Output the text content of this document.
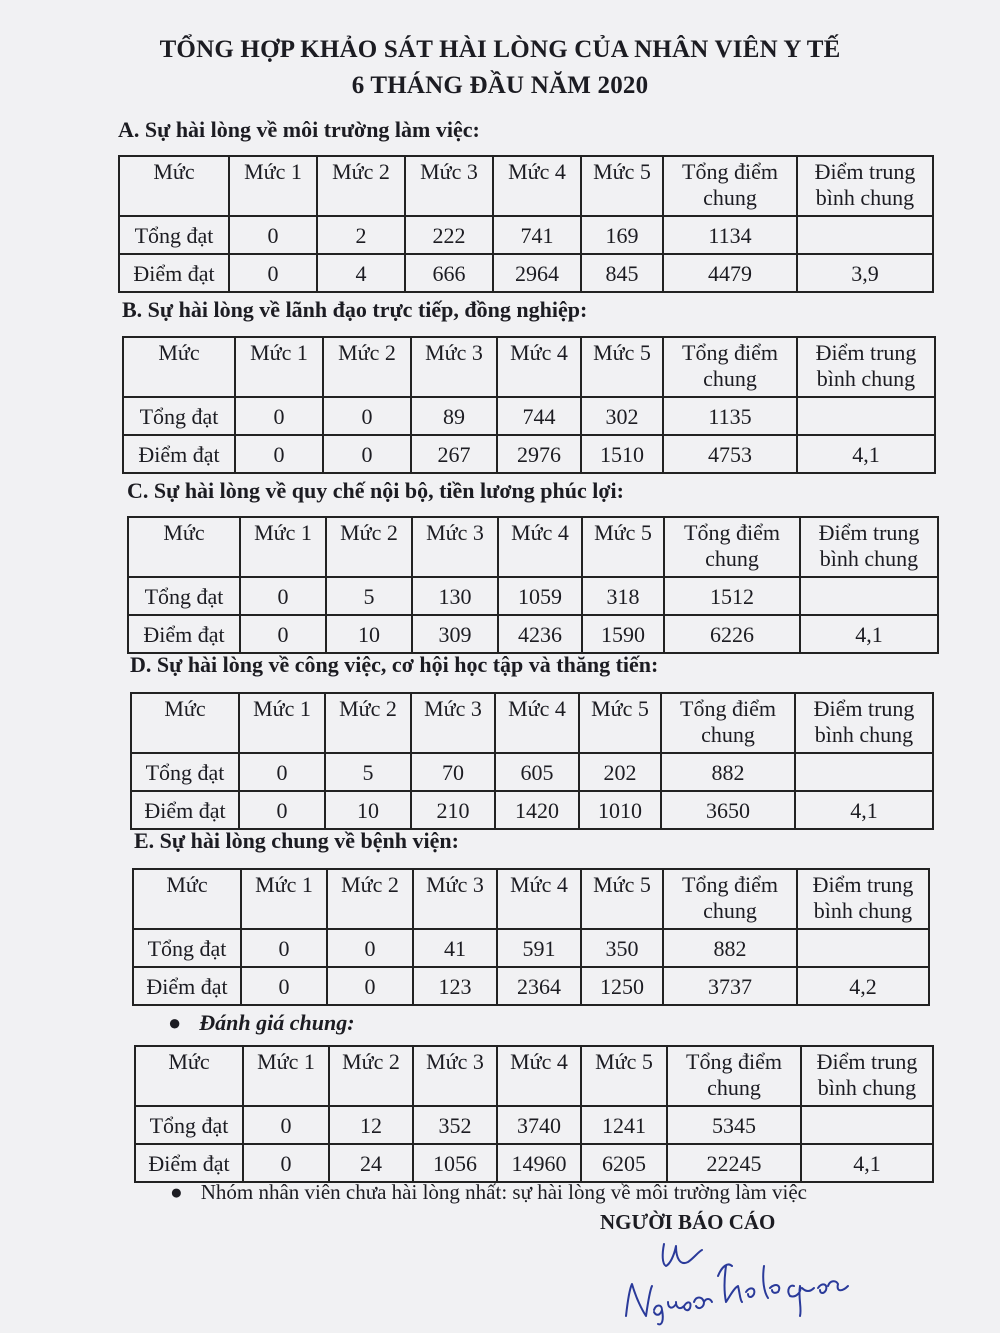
TỔNG HỢP KHẢO SÁT HÀI LÒNG CỦA NHÂN VIÊN Y TẾ
6 THÁNG ĐẦU NĂM 2020
A. Sự hài lòng về môi trường làm việc:
Mức	Mức 1	Mức 2	Mức 3	Mức 4	Mức 5	Tổng điểm chung	Điểm trung bình chung
Tổng đạt	0	2	222	741	169	1134	
Điểm đạt	0	4	666	2964	845	4479	3,9
B. Sự hài lòng về lãnh đạo trực tiếp, đồng nghiệp:
Mức	Mức 1	Mức 2	Mức 3	Mức 4	Mức 5	Tổng điểm chung	Điểm trung bình chung
Tổng đạt	0	0	89	744	302	1135	
Điểm đạt	0	0	267	2976	1510	4753	4,1
C. Sự hài lòng về quy chế nội bộ, tiền lương phúc lợi:
Mức	Mức 1	Mức 2	Mức 3	Mức 4	Mức 5	Tổng điểm chung	Điểm trung bình chung
Tổng đạt	0	5	130	1059	318	1512	
Điểm đạt	0	10	309	4236	1590	6226	4,1
D. Sự hài lòng về công việc, cơ hội học tập và thăng tiến:
Mức	Mức 1	Mức 2	Mức 3	Mức 4	Mức 5	Tổng điểm chung	Điểm trung bình chung
Tổng đạt	0	5	70	605	202	882	
Điểm đạt	0	10	210	1420	1010	3650	4,1
E. Sự hài lòng chung về bệnh viện:
Mức	Mức 1	Mức 2	Mức 3	Mức 4	Mức 5	Tổng điểm chung	Điểm trung bình chung
Tổng đạt	0	0	41	591	350	882	
Điểm đạt	0	0	123	2364	1250	3737	4,2
● Đánh giá chung:
Mức	Mức 1	Mức 2	Mức 3	Mức 4	Mức 5	Tổng điểm chung	Điểm trung bình chung
Tổng đạt	0	12	352	3740	1241	5345	
Điểm đạt	0	24	1056	14960	6205	22245	4,1
● Nhóm nhân viên chưa hài lòng nhất: sự hài lòng về môi trường làm việc
NGƯỜI BÁO CÁO
